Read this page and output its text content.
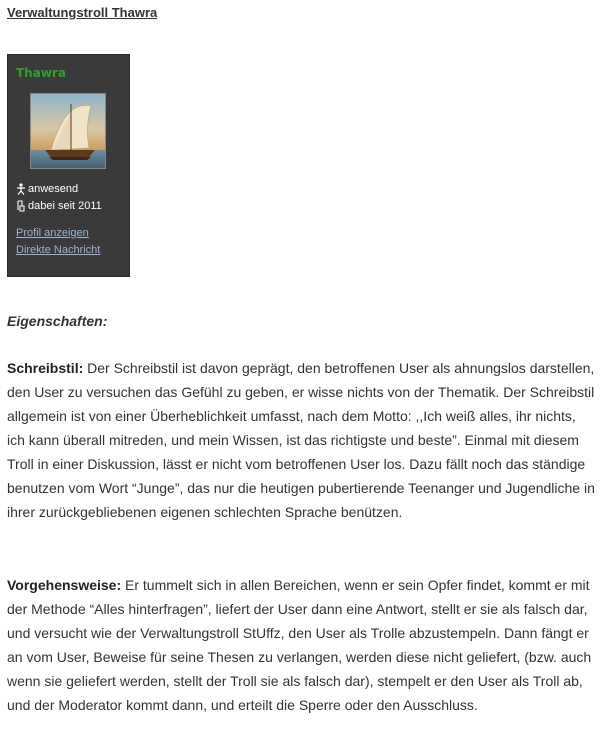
Verwaltungstroll Thawra
Thawra
anwesend
dabei seit 2011
Profil anzeigen
Direkte Nachricht
Eigenschaften:
Schreibstil: Der Schreibstil ist davon geprägt, den betroffenen User als ahnungslos darstellen, den User zu versuchen das Gefühl zu geben, er wisse nichts von der Thematik. Der Schreibstil allgemein ist von einer Überheblichkeit umfasst, nach dem Motto: ,,Ich weiß alles, ihr nichts, ich kann überall mitreden, und mein Wissen, ist das richtigste und beste”. Einmal mit diesem Troll in einer Diskussion, lässt er nicht vom betroffenen User los. Dazu fällt noch das ständige benutzen vom Wort “Junge”, das nur die heutigen pubertierende Teenanger und Jugendliche in ihrer zurückgebliebenen eigenen schlechten Sprache benützen.
Vorgehensweise: Er tummelt sich in allen Bereichen, wenn er sein Opfer findet, kommt er mit der Methode “Alles hinterfragen”, liefert der User dann eine Antwort, stellt er sie als falsch dar, und versucht wie der Verwaltungstroll StUffz, den User als Trolle abzustempeln. Dann fängt er an vom User, Beweise für seine Thesen zu verlangen, werden diese nicht geliefert, (bzw. auch wenn sie geliefert werden, stellt der Troll sie als falsch dar), stempelt er den User als Troll ab, und der Moderator kommt dann, und erteilt die Sperre oder den Ausschluss.
